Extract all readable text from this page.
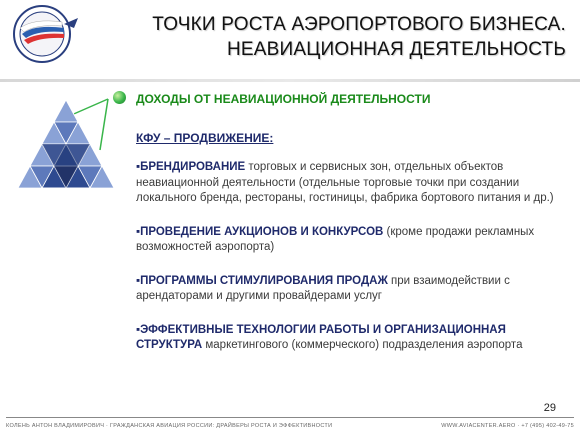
ТОЧКИ РОСТА АЭРОПОРТОВОГО БИЗНЕСА.
НЕАВИАЦИОННАЯ ДЕЯТЕЛЬНОСТЬ
ДОХОДЫ ОТ НЕАВИАЦИОННОЙ ДЕЯТЕЛЬНОСТИ
КФУ – ПРОДВИЖЕНИЕ:
▪БРЕНДИРОВАНИЕ торговых и сервисных зон, отдельных объектов неавиационной деятельности (отдельные торговые точки при создании локального бренда, рестораны, гостиницы, фабрика бортового питания и др.)
▪ПРОВЕДЕНИЕ АУКЦИОНОВ И КОНКУРСОВ (кроме продажи рекламных возможностей аэропорта)
▪ПРОГРАММЫ СТИМУЛИРОВАНИЯ ПРОДАЖ при взаимодействии с арендаторами и другими провайдерами услуг
▪ЭФФЕКТИВНЫЕ ТЕХНОЛОГИИ РАБОТЫ И ОРГАНИЗАЦИОННАЯ СТРУКТУРА маркетингового (коммерческого) подразделения аэропорта
29
КОЛЕНЬ АНТОН ВЛАДИМИРОВИЧ · ГРАЖДАНСКАЯ АВИАЦИЯ РОССИИ: ДРАЙВЕРЫ РОСТА И ЭФФЕКТИВНОСТИ	WWW.AVIACENTER.AERO · +7 (495) 402-49-75
